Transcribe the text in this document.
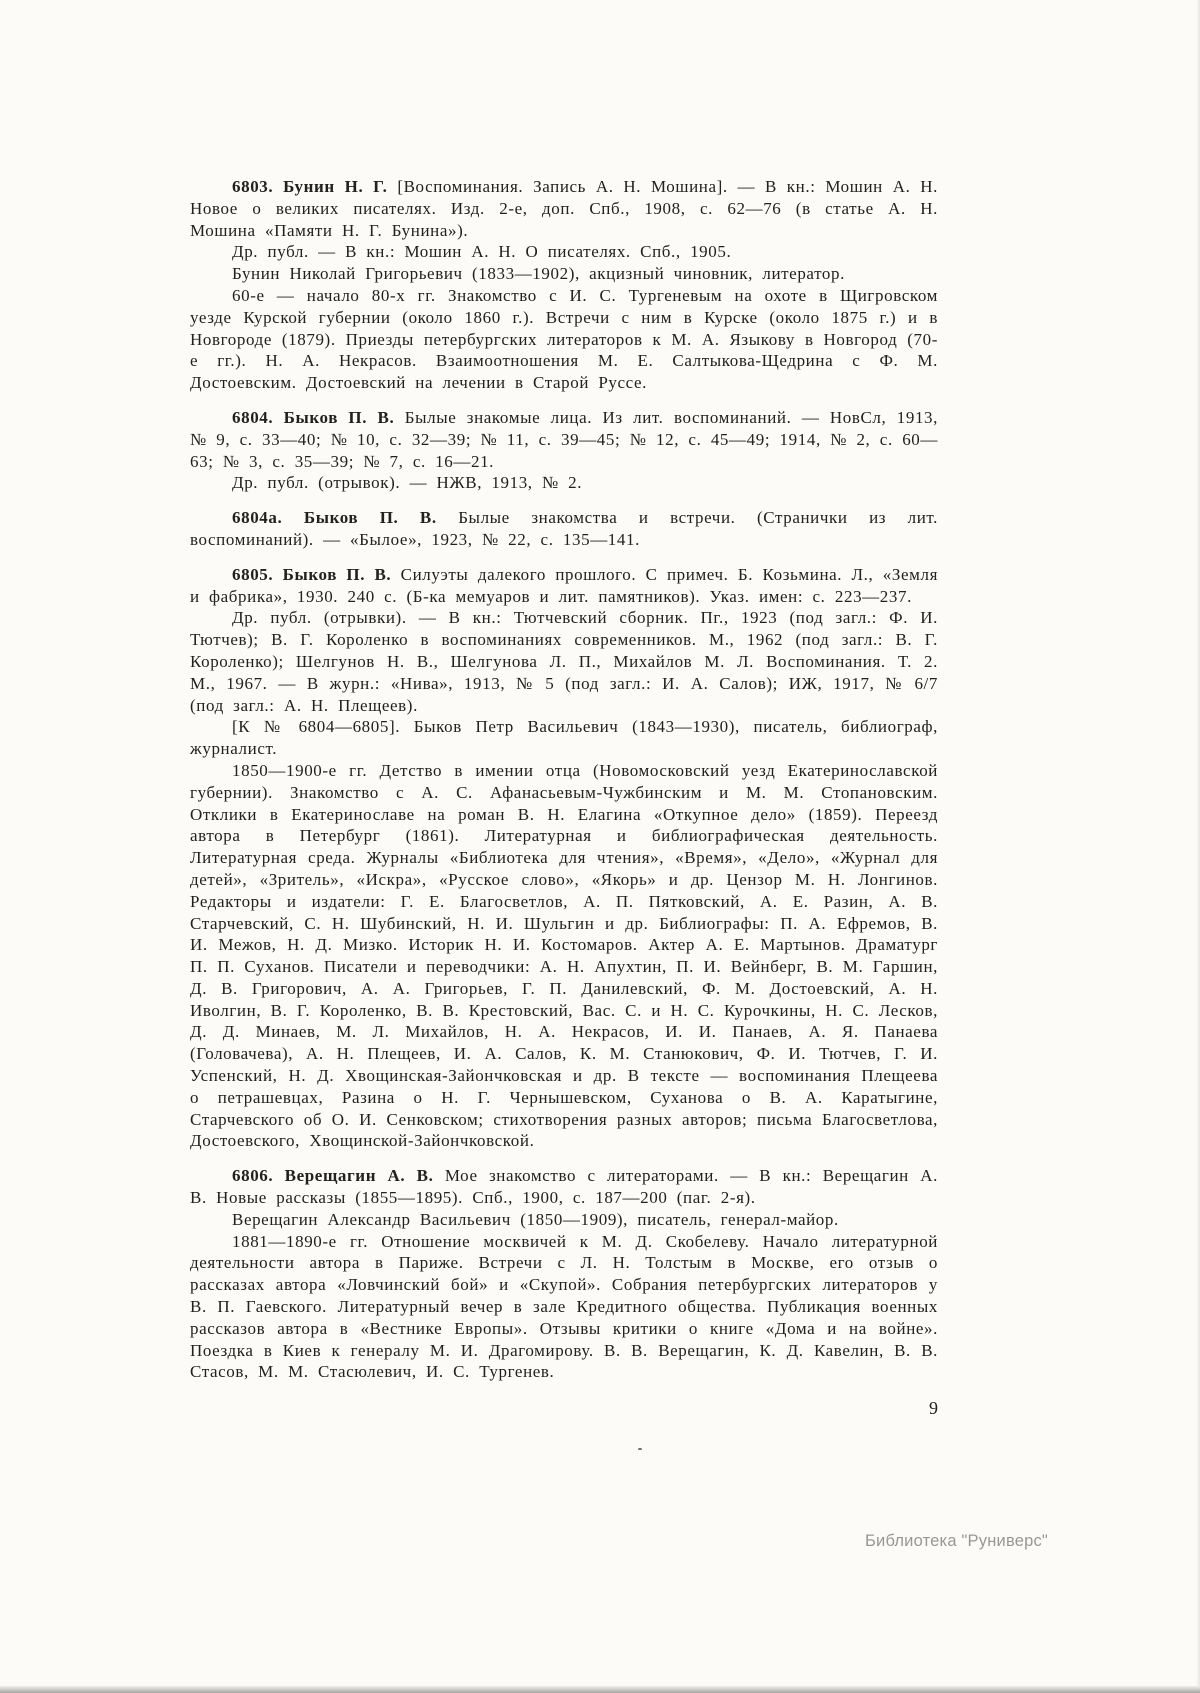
6803. Бунин Н. Г. [Воспоминания. Запись А. Н. Мошина]. — В кн.: Мошин А. Н. Новое о великих писателях. Изд. 2-е, доп. Спб., 1908, с. 62—76 (в статье А. Н. Мошина «Памяти Н. Г. Бунина»).

Др. публ. — В кн.: Мошин А. Н. О писателях. Спб., 1905.

Бунин Николай Григорьевич (1833—1902), акцизный чиновник, литератор.

60-е — начало 80-х гг. Знакомство с И. С. Тургеневым на охоте в Щигровском уезде Курской губернии (около 1860 г.). Встречи с ним в Курске (около 1875 г.) и в Новгороде (1879). Приезды петербургских литераторов к М. А. Языкову в Новгород (70-е гг.). Н. А. Некрасов. Взаимоотношения М. Е. Салтыкова-Щедрина с Ф. М. Достоевским. Достоевский на лечении в Старой Руссе.

6804. Быков П. В. Былые знакомые лица. Из лит. воспоминаний. — НовСл, 1913, № 9, с. 33—40; № 10, с. 32—39; № 11, с. 39—45; № 12, с. 45—49; 1914, № 2, с. 60—63; № 3, с. 35—39; № 7, с. 16—21.

Др. публ. (отрывок). — НЖВ, 1913, № 2.

6804а. Быков П. В. Былые знакомства и встречи. (Странички из лит. воспоминаний). — «Былое», 1923, № 22, с. 135—141.

6805. Быков П. В. Силуэты далекого прошлого. С примеч. Б. Козьмина. Л., «Земля и фабрика», 1930. 240 с. (Б-ка мемуаров и лит. памятников). Указ. имен: с. 223—237.

Др. публ. (отрывки). — В кн.: Тютчевский сборник. Пг., 1923 (под загл.: Ф. И. Тютчев); В. Г. Короленко в воспоминаниях современников. М., 1962 (под загл.: В. Г. Короленко); Шелгунов Н. В., Шелгунова Л. П., Михайлов М. Л. Воспоминания. Т. 2. М., 1967. — В журн.: «Нива», 1913, № 5 (под загл.: И. А. Салов); ИЖ, 1917, № 6/7 (под загл.: А. Н. Плещеев).

[К № 6804—6805]. Быков Петр Васильевич (1843—1930), писатель, библиограф, журналист.

1850—1900-е гг. Детство в имении отца (Новомосковский уезд Екатеринославской губернии). Знакомство с А. С. Афанасьевым-Чужбинским и М. М. Стопановским. Отклики в Екатеринославе на роман В. Н. Елагина «Откупное дело» (1859). Переезд автора в Петербург (1861). Литературная и библиографическая деятельность. Литературная среда. Журналы «Библиотека для чтения», «Время», «Дело», «Журнал для детей», «Зритель», «Искра», «Русское слово», «Якорь» и др. Цензор М. Н. Лонгинов. Редакторы и издатели: Г. Е. Благосветлов, А. П. Пятковский, А. Е. Разин, А. В. Старчевский, С. Н. Шубинский, Н. И. Шульгин и др. Библиографы: П. А. Ефремов, В. И. Межов, Н. Д. Мизко. Историк Н. И. Костомаров. Актер А. Е. Мартынов. Драматург П. П. Суханов. Писатели и переводчики: А. Н. Апухтин, П. И. Вейнберг, В. М. Гаршин, Д. В. Григорович, А. А. Григорьев, Г. П. Данилевский, Ф. М. Достоевский, А. Н. Иволгин, В. Г. Короленко, В. В. Крестовский, Вас. С. и Н. С. Курочкины, Н. С. Лесков, Д. Д. Минаев, М. Л. Михайлов, Н. А. Некрасов, И. И. Панаев, А. Я. Панаева (Головачева), А. Н. Плещеев, И. А. Салов, К. М. Станюкович, Ф. И. Тютчев, Г. И. Успенский, Н. Д. Хвощинская-Зайончковская и др. В тексте — воспоминания Плещеева о петрашевцах, Разина о Н. Г. Чернышевском, Суханова о В. А. Каратыгине, Старчевского об О. И. Сенковском; стихотворения разных авторов; письма Благосветлова, Достоевского, Хвощинской-Зайончковской.

6806. Верещагин А. В. Мое знакомство с литераторами. — В кн.: Верещагин А. В. Новые рассказы (1855—1895). Спб., 1900, с. 187—200 (паг. 2-я).

Верещагин Александр Васильевич (1850—1909), писатель, генерал-майор.

1881—1890-е гг. Отношение москвичей к М. Д. Скобелеву. Начало литературной деятельности автора в Париже. Встречи с Л. Н. Толстым в Москве, его отзыв о рассказах автора «Ловчинский бой» и «Скупой». Собрания петербургских литераторов у В. П. Гаевского. Литературный вечер в зале Кредитного общества. Публикация военных рассказов автора в «Вестнике Европы». Отзывы критики о книге «Дома и на войне». Поездка в Киев к генералу М. И. Драгомирову. В. В. Верещагин, К. Д. Кавелин, В. В. Стасов, М. М. Стасюлевич, И. С. Тургенев.

9
Библиотека "Руниверс"
